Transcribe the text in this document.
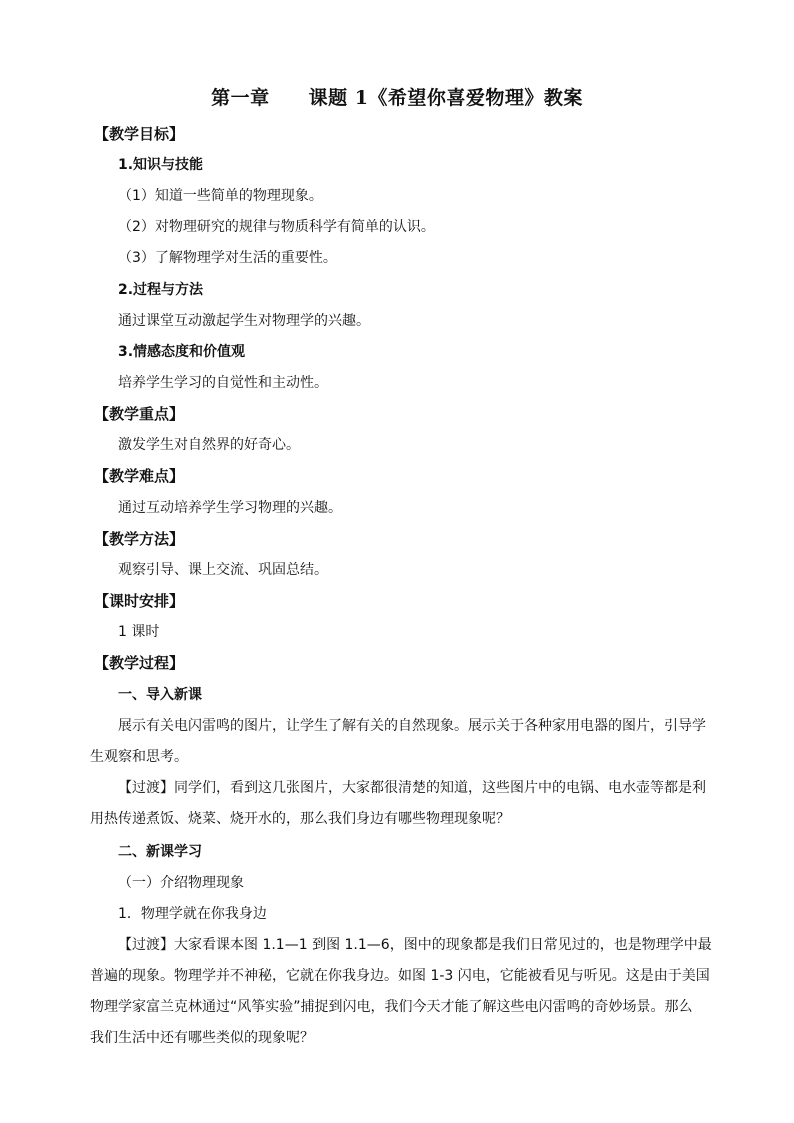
第一章　　课题 1《希望你喜爱物理》教案
【教学目标】
1.知识与技能
（1）知道一些简单的物理现象。
（2）对物理研究的规律与物质科学有简单的认识。
（3）了解物理学对生活的重要性。
2.过程与方法
通过课堂互动激起学生对物理学的兴趣。
3.情感态度和价值观
培养学生学习的自觉性和主动性。
【教学重点】
激发学生对自然界的好奇心。
【教学难点】
通过互动培养学生学习物理的兴趣。
【教学方法】
观察引导、课上交流、巩固总结。
【课时安排】
1 课时
【教学过程】
一、导入新课
展示有关电闪雷鸣的图片，让学生了解有关的自然现象。展示关于各种家用电器的图片，引导学
生观察和思考。
【过渡】同学们，看到这几张图片，大家都很清楚的知道，这些图片中的电锅、电水壶等都是利
用热传递煮饭、烧菜、烧开水的，那么我们身边有哪些物理现象呢？
二、新课学习
（一）介绍物理现象
1．物理学就在你我身边
【过渡】大家看课本图 1.1—1 到图 1.1—6，图中的现象都是我们日常见过的，也是物理学中最
普遍的现象。物理学并不神秘，它就在你我身边。如图 1-3 闪电，它能被看见与听见。这是由于美国
物理学家富兰克林通过“风筝实验”捕捉到闪电，我们今天才能了解这些电闪雷鸣的奇妙场景。那么
我们生活中还有哪些类似的现象呢？
